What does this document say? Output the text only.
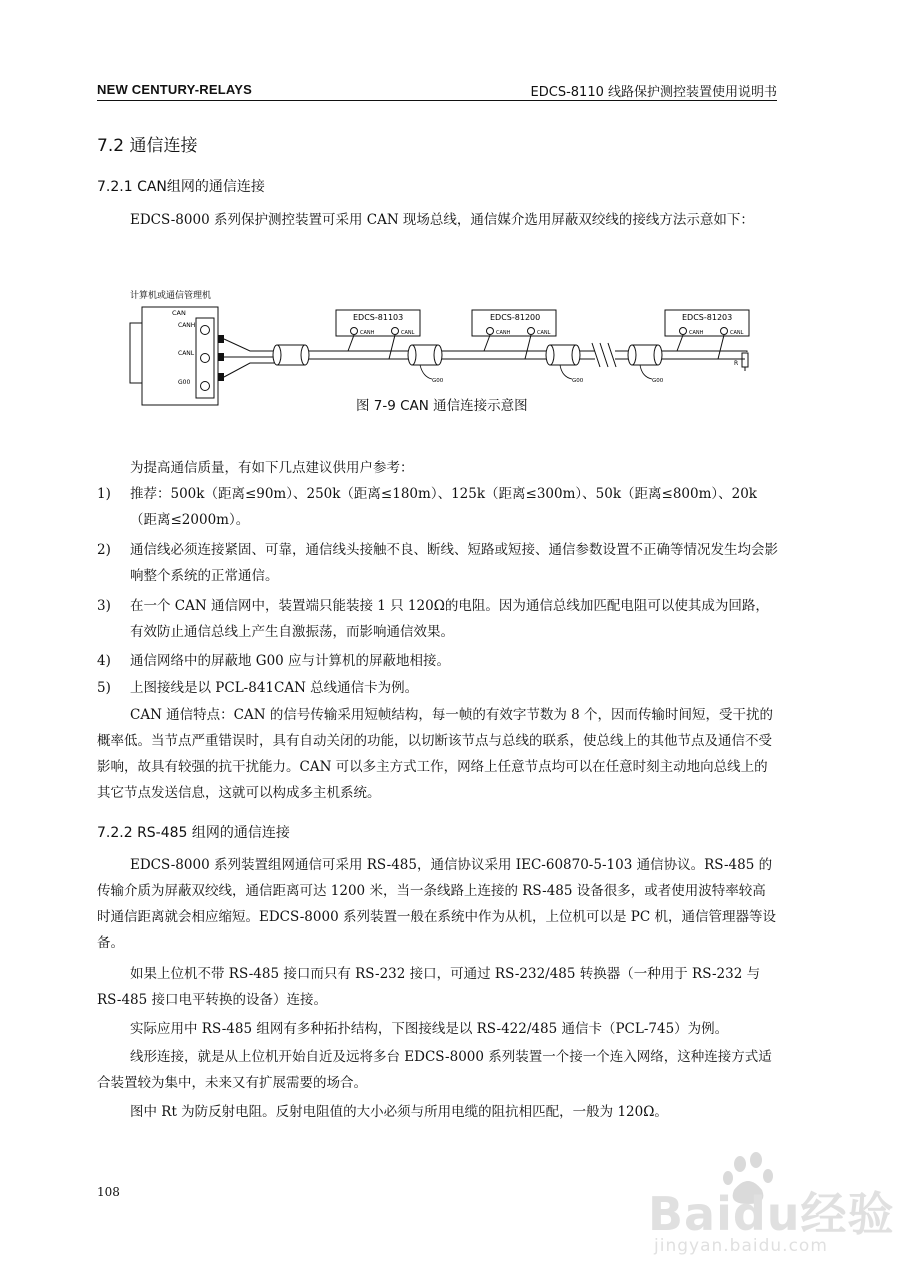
NEW CENTURY-RELAYS	EDCS-8110 线路保护测控装置使用说明书
7.2 通信连接
7.2.1 CAN组网的通信连接
EDCS-8000 系列保护测控装置可采用 CAN 现场总线，通信媒介选用屏蔽双绞线的接线方法示意如下：
计算机或通信管理机
CAN
CANH
CANL
G00	G00	G00	G00
EDCS-81103
CANH	CANL
EDCS-81200
CANH	CANL
EDCS-81203
CANH	CANL
R
图 7-9 CAN 通信连接示意图
为提高通信质量，有如下几点建议供用户参考：
1) 推荐：500k（距离≤90m）、250k（距离≤180m）、125k（距离≤300m）、50k（距离≤800m）、20k（距离≤2000m）。
2) 通信线必须连接紧固、可靠，通信线头接触不良、断线、短路或短接、通信参数设置不正确等情况发生均会影响整个系统的正常通信。
3) 在一个 CAN 通信网中，装置端只能装接 1 只 120Ω的电阻。因为通信总线加匹配电阻可以使其成为回路，有效防止通信总线上产生自激振荡，而影响通信效果。
4) 通信网络中的屏蔽地 G00 应与计算机的屏蔽地相接。
5) 上图接线是以 PCL-841CAN 总线通信卡为例。
CAN 通信特点：CAN 的信号传输采用短帧结构，每一帧的有效字节数为 8 个，因而传输时间短，受干扰的概率低。当节点严重错误时，具有自动关闭的功能，以切断该节点与总线的联系，使总线上的其他节点及通信不受影响，故具有较强的抗干扰能力。CAN 可以多主方式工作，网络上任意节点均可以在任意时刻主动地向总线上的其它节点发送信息，这就可以构成多主机系统。
7.2.2 RS-485 组网的通信连接
EDCS-8000 系列装置组网通信可采用 RS-485，通信协议采用 IEC-60870-5-103 通信协议。RS-485 的传输介质为屏蔽双绞线，通信距离可达 1200 米，当一条线路上连接的 RS-485 设备很多，或者使用波特率较高时通信距离就会相应缩短。EDCS-8000 系列装置一般在系统中作为从机，上位机可以是 PC 机，通信管理器等设备。
如果上位机不带 RS-485 接口而只有 RS-232 接口，可通过 RS-232/485 转换器（一种用于 RS-232 与 RS-485 接口电平转换的设备）连接。
实际应用中 RS-485 组网有多种拓扑结构，下图接线是以 RS-422/485 通信卡（PCL-745）为例。
线形连接，就是从上位机开始自近及远将多台 EDCS-8000 系列装置一个接一个连入网络，这种连接方式适合装置较为集中，未来又有扩展需要的场合。
图中 Rt 为防反射电阻。反射电阻值的大小必须与所用电缆的阻抗相匹配，一般为 120Ω。
108	Baidu经验
jingyan.baidu.com
